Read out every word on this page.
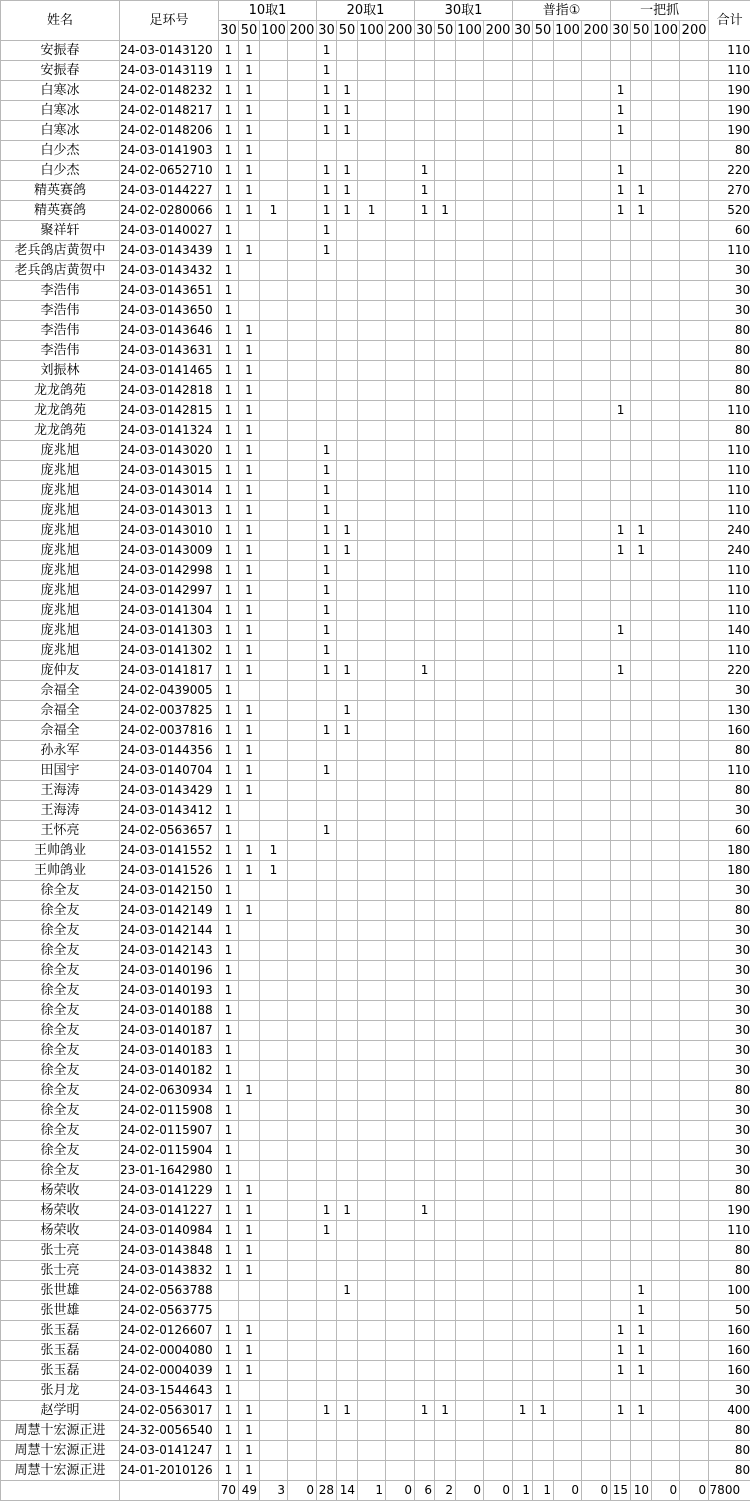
姓名	足环号	10取1				20取1				30取1				普指①				一把抓				合计
		30	50	100	200	30	50	100	200	30	50	100	200	30	50	100	200	30	50	100	200	
安振春	24-03-0143120	1	1			1																110
安振春	24-03-0143119	1	1			1																110
白寒冰	24-02-0148232	1	1			1	1											1				190
白寒冰	24-02-0148217	1	1			1	1											1				190
白寒冰	24-02-0148206	1	1			1	1											1				190
白少杰	24-03-0141903	1	1																			80
白少杰	24-02-0652710	1	1			1	1			1								1				220
精英赛鸽	24-03-0144227	1	1			1	1			1								1	1			270
精英赛鸽	24-02-0280066	1	1	1		1	1	1		1	1							1	1			520
聚祥轩	24-03-0140027	1				1																60
老兵鸽店黄贺中	24-03-0143439	1	1			1																110
老兵鸽店黄贺中	24-03-0143432	1																				30
李浩伟	24-03-0143651	1																				30
李浩伟	24-03-0143650	1																				30
李浩伟	24-03-0143646	1	1																			80
李浩伟	24-03-0143631	1	1																			80
刘振林	24-03-0141465	1	1																			80
龙龙鸽苑	24-03-0142818	1	1																			80
龙龙鸽苑	24-03-0142815	1	1															1				110
龙龙鸽苑	24-03-0141324	1	1																			80
庞兆旭	24-03-0143020	1	1			1																110
庞兆旭	24-03-0143015	1	1			1																110
庞兆旭	24-03-0143014	1	1			1																110
庞兆旭	24-03-0143013	1	1			1																110
庞兆旭	24-03-0143010	1	1			1	1											1	1			240
庞兆旭	24-03-0143009	1	1			1	1											1	1			240
庞兆旭	24-03-0142998	1	1			1																110
庞兆旭	24-03-0142997	1	1			1																110
庞兆旭	24-03-0141304	1	1			1																110
庞兆旭	24-03-0141303	1	1			1												1				140
庞兆旭	24-03-0141302	1	1			1																110
庞仲友	24-03-0141817	1	1			1	1			1								1				220
佘福全	24-02-0439005	1																				30
佘福全	24-02-0037825	1	1				1															130
佘福全	24-02-0037816	1	1			1	1															160
孙永军	24-03-0144356	1	1																			80
田国宇	24-03-0140704	1	1			1																110
王海涛	24-03-0143429	1	1																			80
王海涛	24-03-0143412	1																				30
王怀亮	24-02-0563657	1				1																60
王帅鸽业	24-03-0141552	1	1	1																		180
王帅鸽业	24-03-0141526	1	1	1																		180
徐全友	24-03-0142150	1																				30
徐全友	24-03-0142149	1	1																			80
徐全友	24-03-0142144	1																				30
徐全友	24-03-0142143	1																				30
徐全友	24-03-0140196	1																				30
徐全友	24-03-0140193	1																				30
徐全友	24-03-0140188	1																				30
徐全友	24-03-0140187	1																				30
徐全友	24-03-0140183	1																				30
徐全友	24-03-0140182	1																				30
徐全友	24-02-0630934	1	1																			80
徐全友	24-02-0115908	1																				30
徐全友	24-02-0115907	1																				30
徐全友	24-02-0115904	1																				30
徐全友	23-01-1642980	1																				30
杨荣收	24-03-0141229	1	1																			80
杨荣收	24-03-0141227	1	1			1	1			1												190
杨荣收	24-03-0140984	1	1			1																110
张士亮	24-03-0143848	1	1																			80
张士亮	24-03-0143832	1	1																			80
张世雄	24-02-0563788						1												1			100
张世雄	24-02-0563775																		1			50
张玉磊	24-02-0126607	1	1															1	1			160
张玉磊	24-02-0004080	1	1															1	1			160
张玉磊	24-02-0004039	1	1															1	1			160
张月龙	24-03-1544643	1																				30
赵学明	24-02-0563017	1	1			1	1			1	1			1	1			1	1			400
周慧十宏源正进	24-32-0056540	1	1																			80
周慧十宏源正进	24-03-0141247	1	1																			80
周慧十宏源正进	24-01-2010126	1	1																			80
		70	49	3	0	28	14	1	0	6	2	0	0	1	1	0	0	15	10	0	0	7800
